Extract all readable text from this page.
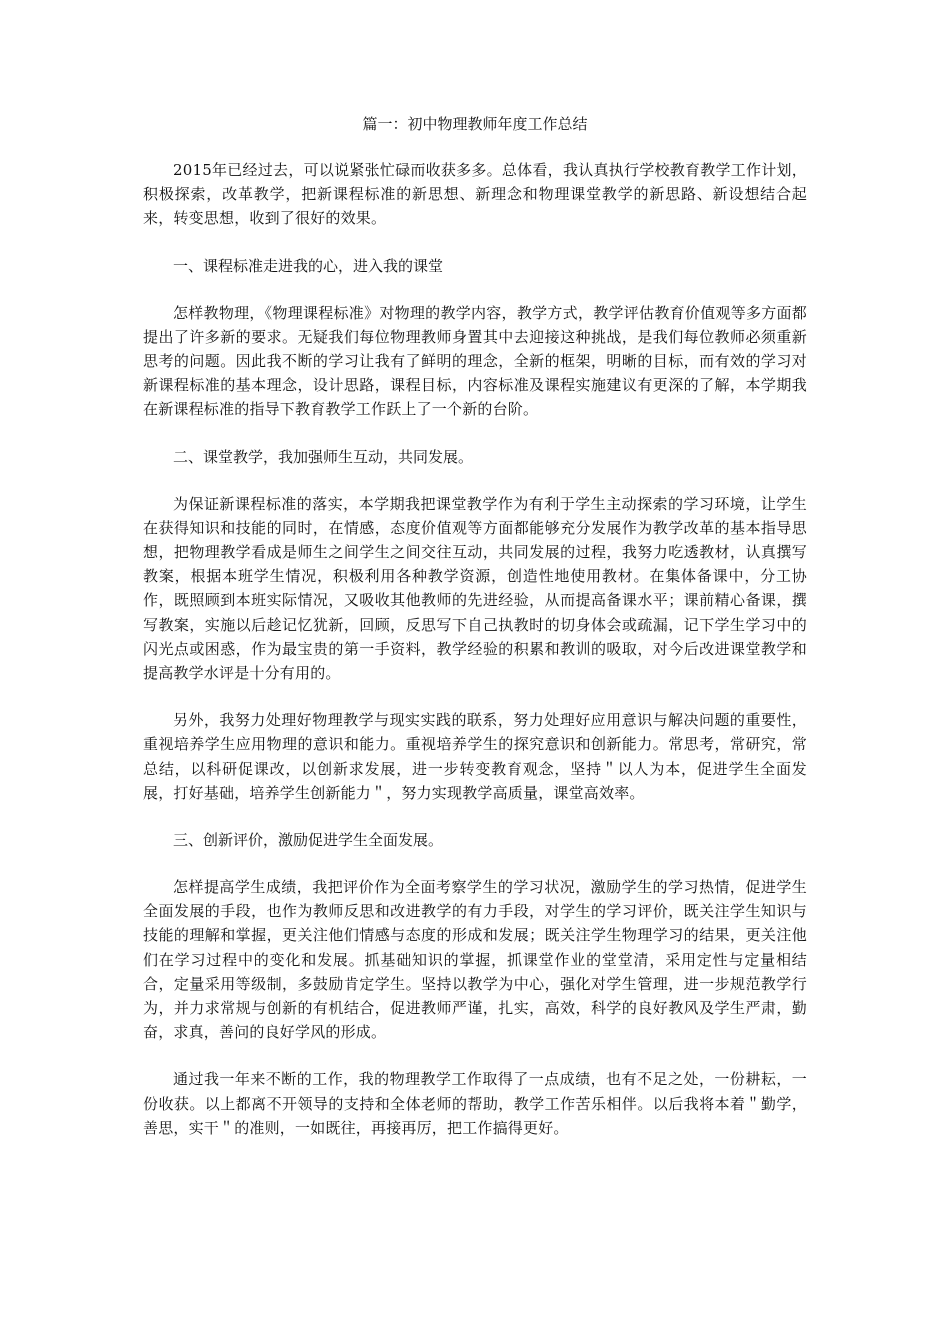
篇一：初中物理教师年度工作总结

2015年已经过去，可以说紧张忙碌而收获多多。总体看，我认真执行学校教育教学工作计划，积极探索，改革教学，把新课程标准的新思想、新理念和物理课堂教学的新思路、新设想结合起来，转变思想，收到了很好的效果。

一、课程标准走进我的心，进入我的课堂

怎样教物理，《物理课程标准》对物理的教学内容，教学方式，教学评估教育价值观等多方面都提出了许多新的要求。无疑我们每位物理教师身置其中去迎接这种挑战，是我们每位教师必须重新思考的问题。因此我不断的学习让我有了鲜明的理念，全新的框架，明晰的目标，而有效的学习对新课程标准的基本理念，设计思路，课程目标，内容标准及课程实施建议有更深的了解，本学期我在新课程标准的指导下教育教学工作跃上了一个新的台阶。

二、课堂教学，我加强师生互动，共同发展。

为保证新课程标准的落实，本学期我把课堂教学作为有利于学生主动探索的学习环境，让学生在获得知识和技能的同时，在情感，态度价值观等方面都能够充分发展作为教学改革的基本指导思想，把物理教学看成是师生之间学生之间交往互动，共同发展的过程，我努力吃透教材，认真撰写教案，根据本班学生情况，积极利用各种教学资源，创造性地使用教材。在集体备课中，分工协作，既照顾到本班实际情况，又吸收其他教师的先进经验，从而提高备课水平；课前精心备课，撰写教案，实施以后趁记忆犹新，回顾，反思写下自己执教时的切身体会或疏漏，记下学生学习中的闪光点或困惑，作为最宝贵的第一手资料，教学经验的积累和教训的吸取，对今后改进课堂教学和提高教学水评是十分有用的。

另外，我努力处理好物理教学与现实实践的联系，努力处理好应用意识与解决问题的重要性，重视培养学生应用物理的意识和能力。重视培养学生的探究意识和创新能力。常思考，常研究，常总结，以科研促课改，以创新求发展，进一步转变教育观念，坚持＂以人为本，促进学生全面发展，打好基础，培养学生创新能力＂，努力实现教学高质量，课堂高效率。

三、创新评价，激励促进学生全面发展。

怎样提高学生成绩，我把评价作为全面考察学生的学习状况，激励学生的学习热情，促进学生全面发展的手段，也作为教师反思和改进教学的有力手段，对学生的学习评价，既关注学生知识与技能的理解和掌握，更关注他们情感与态度的形成和发展；既关注学生物理学习的结果，更关注他们在学习过程中的变化和发展。抓基础知识的掌握，抓课堂作业的堂堂清，采用定性与定量相结合，定量采用等级制，多鼓励肯定学生。坚持以教学为中心，强化对学生管理，进一步规范教学行为，并力求常规与创新的有机结合，促进教师严谨，扎实，高效，科学的良好教风及学生严肃，勤奋，求真，善问的良好学风的形成。

通过我一年来不断的工作，我的物理教学工作取得了一点成绩，也有不足之处，一份耕耘，一份收获。以上都离不开领导的支持和全体老师的帮助，教学工作苦乐相伴。以后我将本着＂勤学，善思，实干＂的准则，一如既往，再接再厉，把工作搞得更好。
